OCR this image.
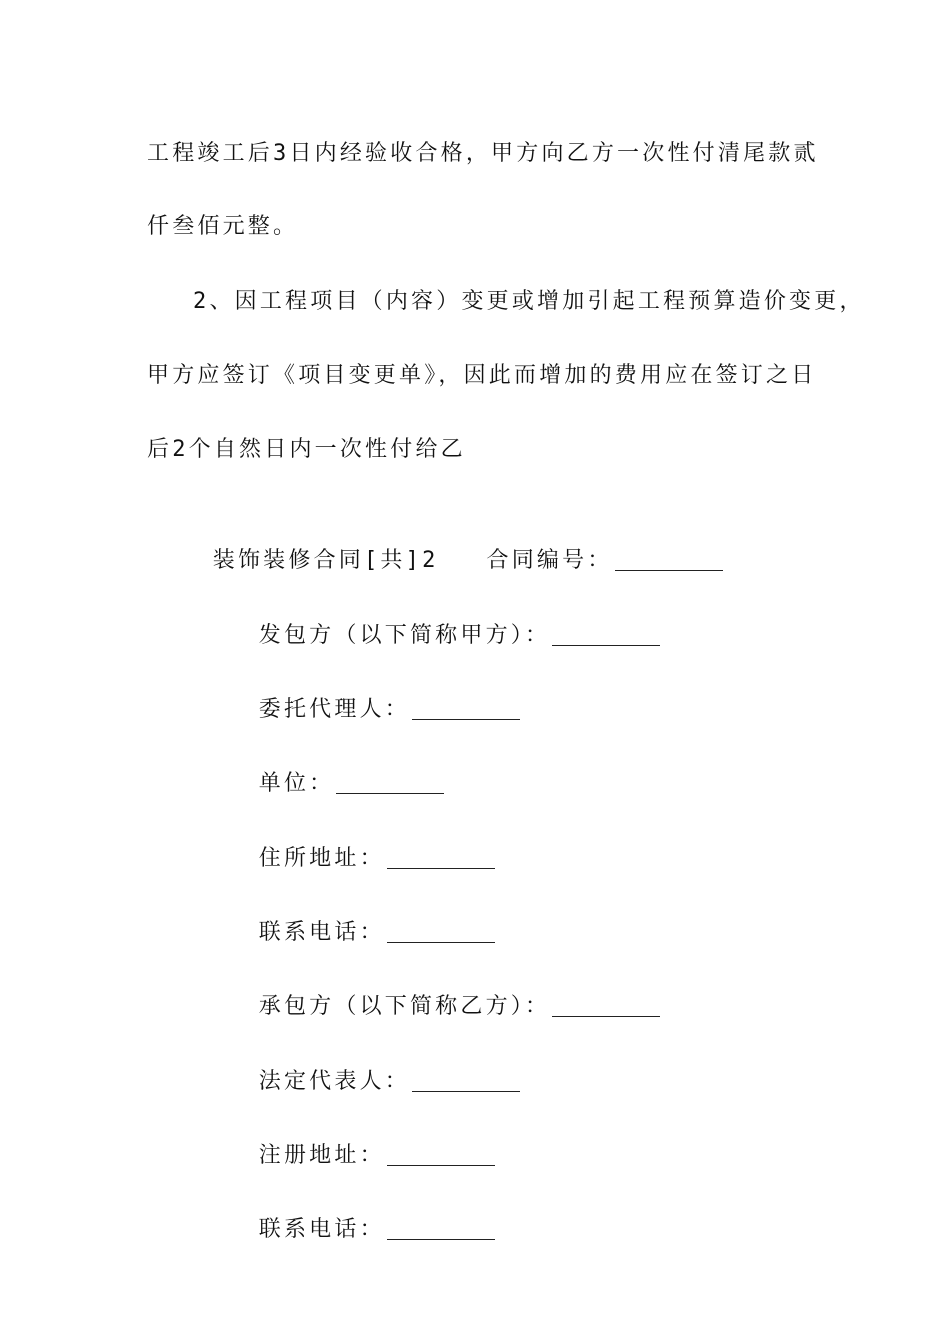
工程竣工后3日内经验收合格，甲方向乙方一次性付清尾款贰
仟叁佰元整。
2、因工程项目（内容）变更或增加引起工程预算造价变更，
甲方应签订《项目变更单》，因此而增加的费用应在签订之日
后2个自然日内一次性付给乙

装饰装修合同[共]2 合同编号：

发包方（以下简称甲方）：

委托代理人：

单位：

住所地址：

联系电话：

承包方（以下简称乙方）：

法定代表人：

注册地址：

联系电话：
